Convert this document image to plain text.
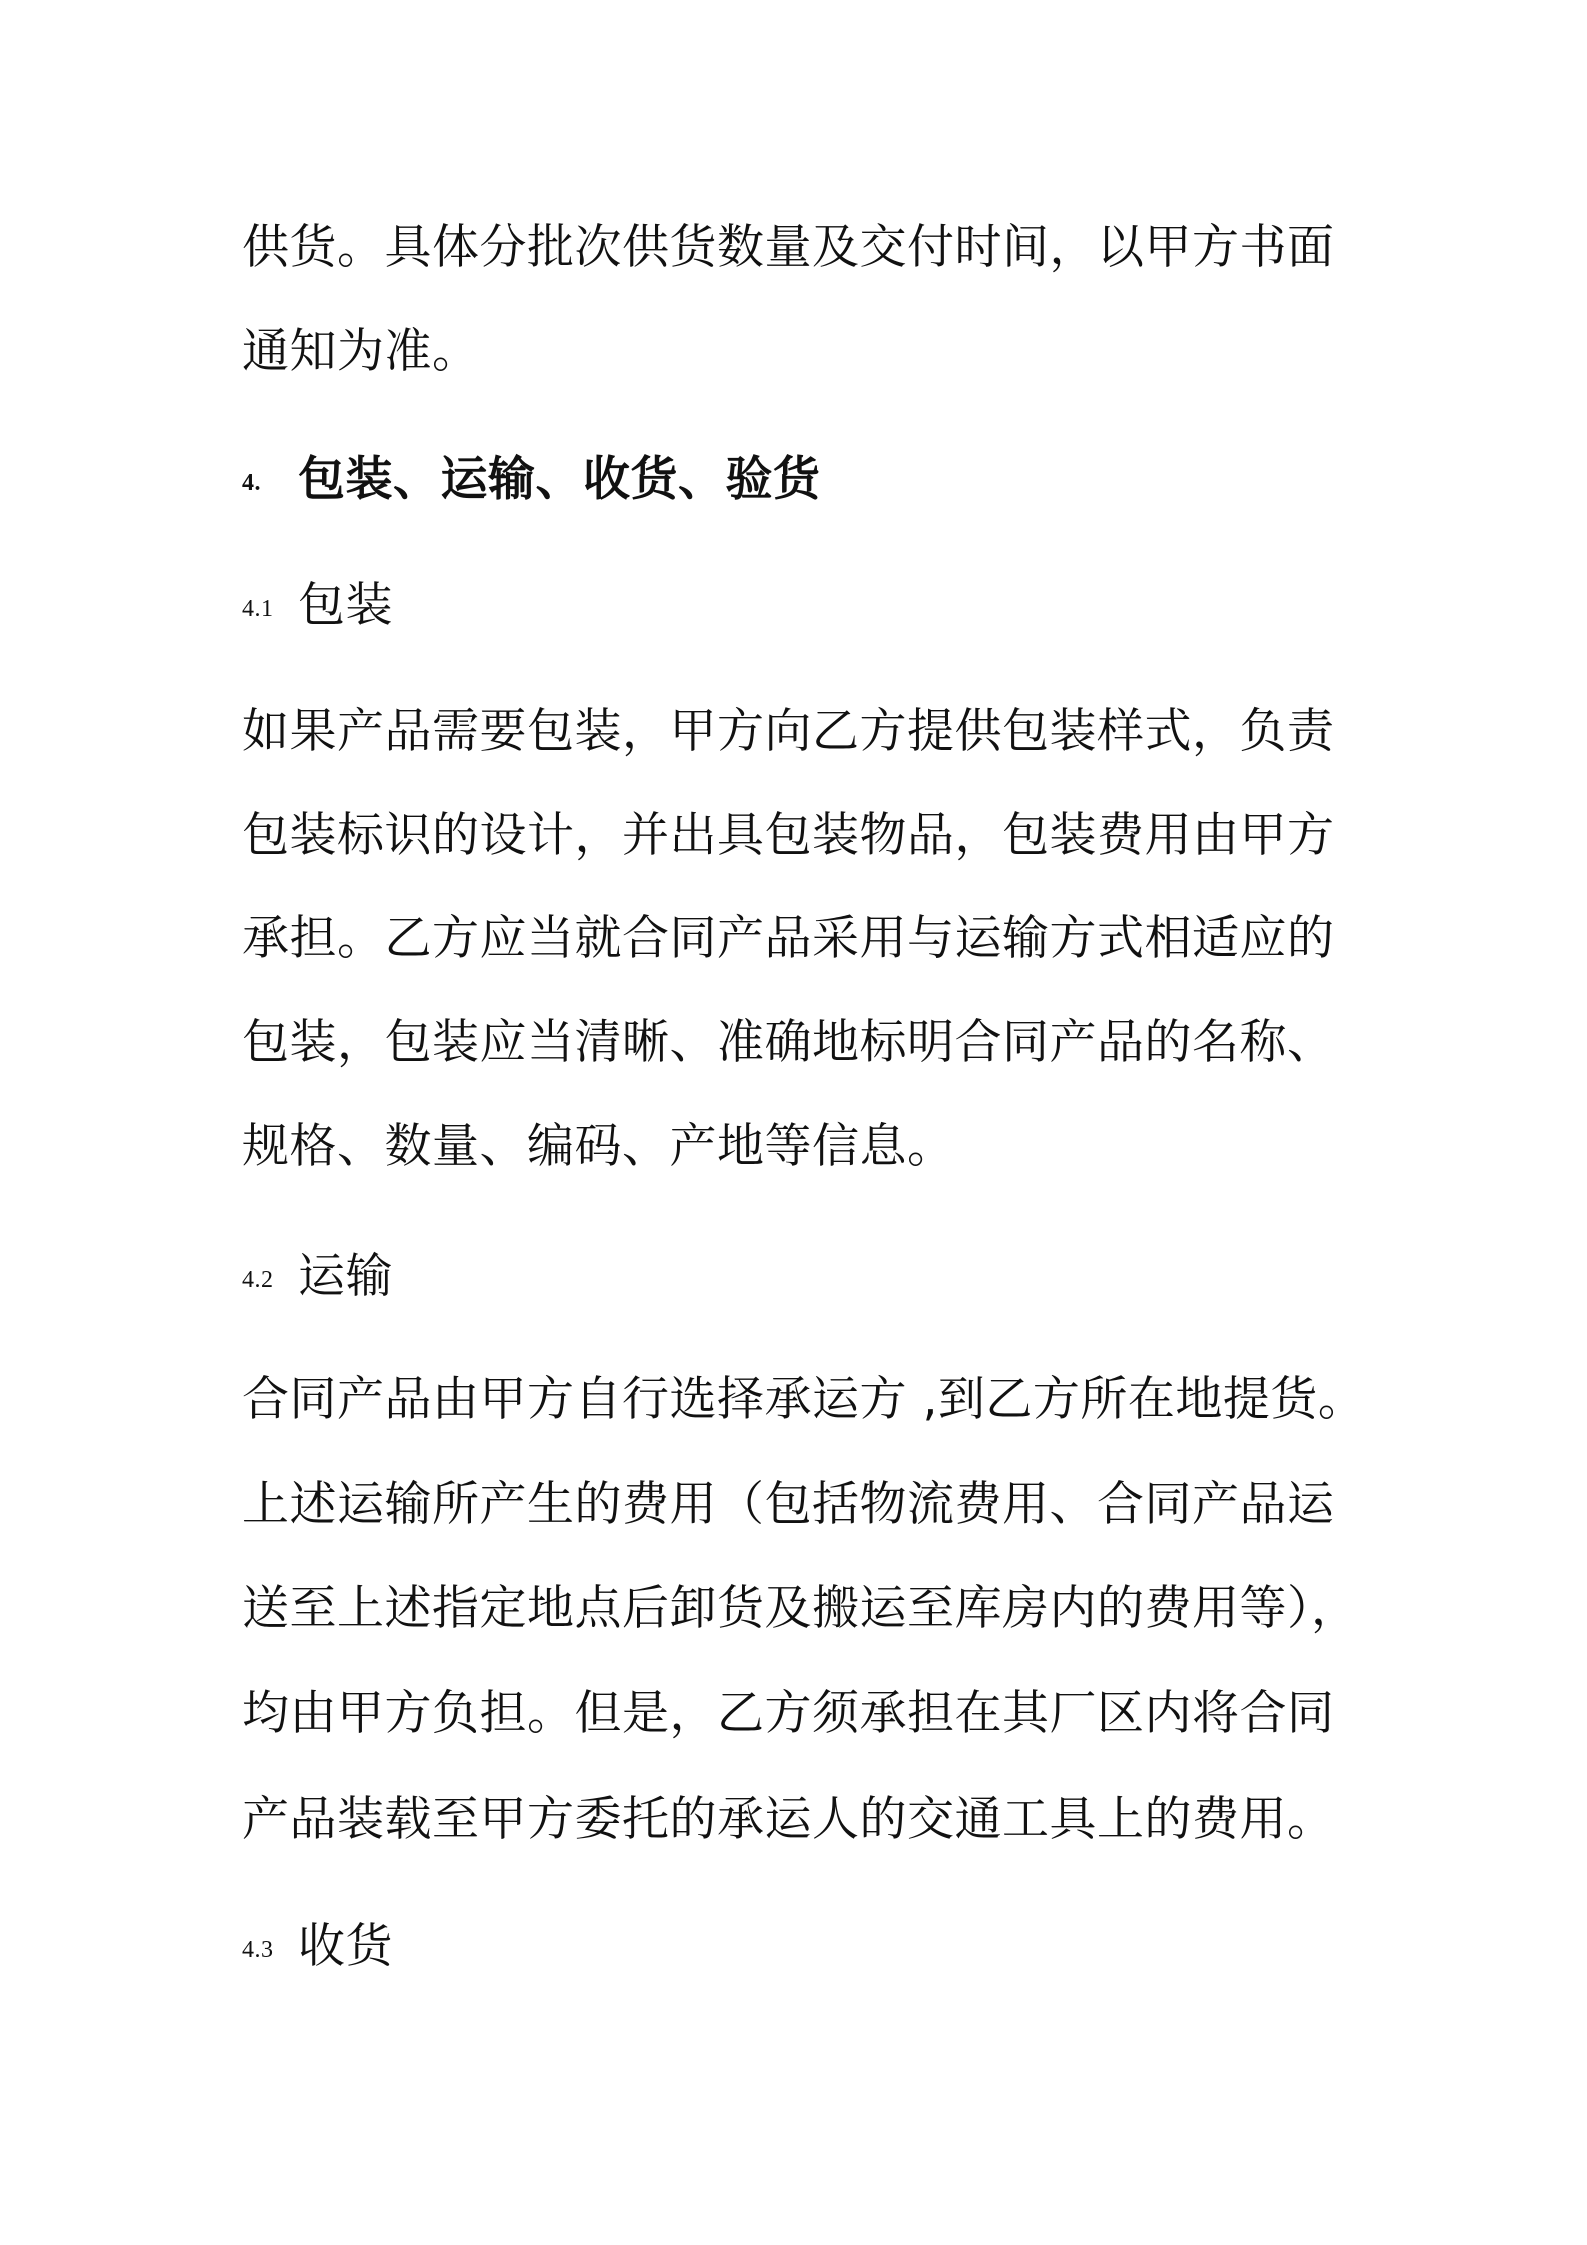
供货。具体分批次供货数量及交付时间，以甲方书面
通知为准。
4. 包装、运输、收货、验货
4.1 包装
如果产品需要包装，甲方向乙方提供包装样式，负责
包装标识的设计，并出具包装物品，包装费用由甲方
承担。乙方应当就合同产品采用与运输方式相适应的
包装，包装应当清晰、准确地标明合同产品的名称、
规格、数量、编码、产地等信息。
4.2 运输
合同产品由甲方自行选择承运方 ,到乙方所在地提货。
上述运输所产生的费用（包括物流费用、合同产品运
送至上述指定地点后卸货及搬运至库房内的费用等），
均由甲方负担。但是，乙方须承担在其厂区内将合同
产品装载至甲方委托的承运人的交通工具上的费用。
4.3 收货
